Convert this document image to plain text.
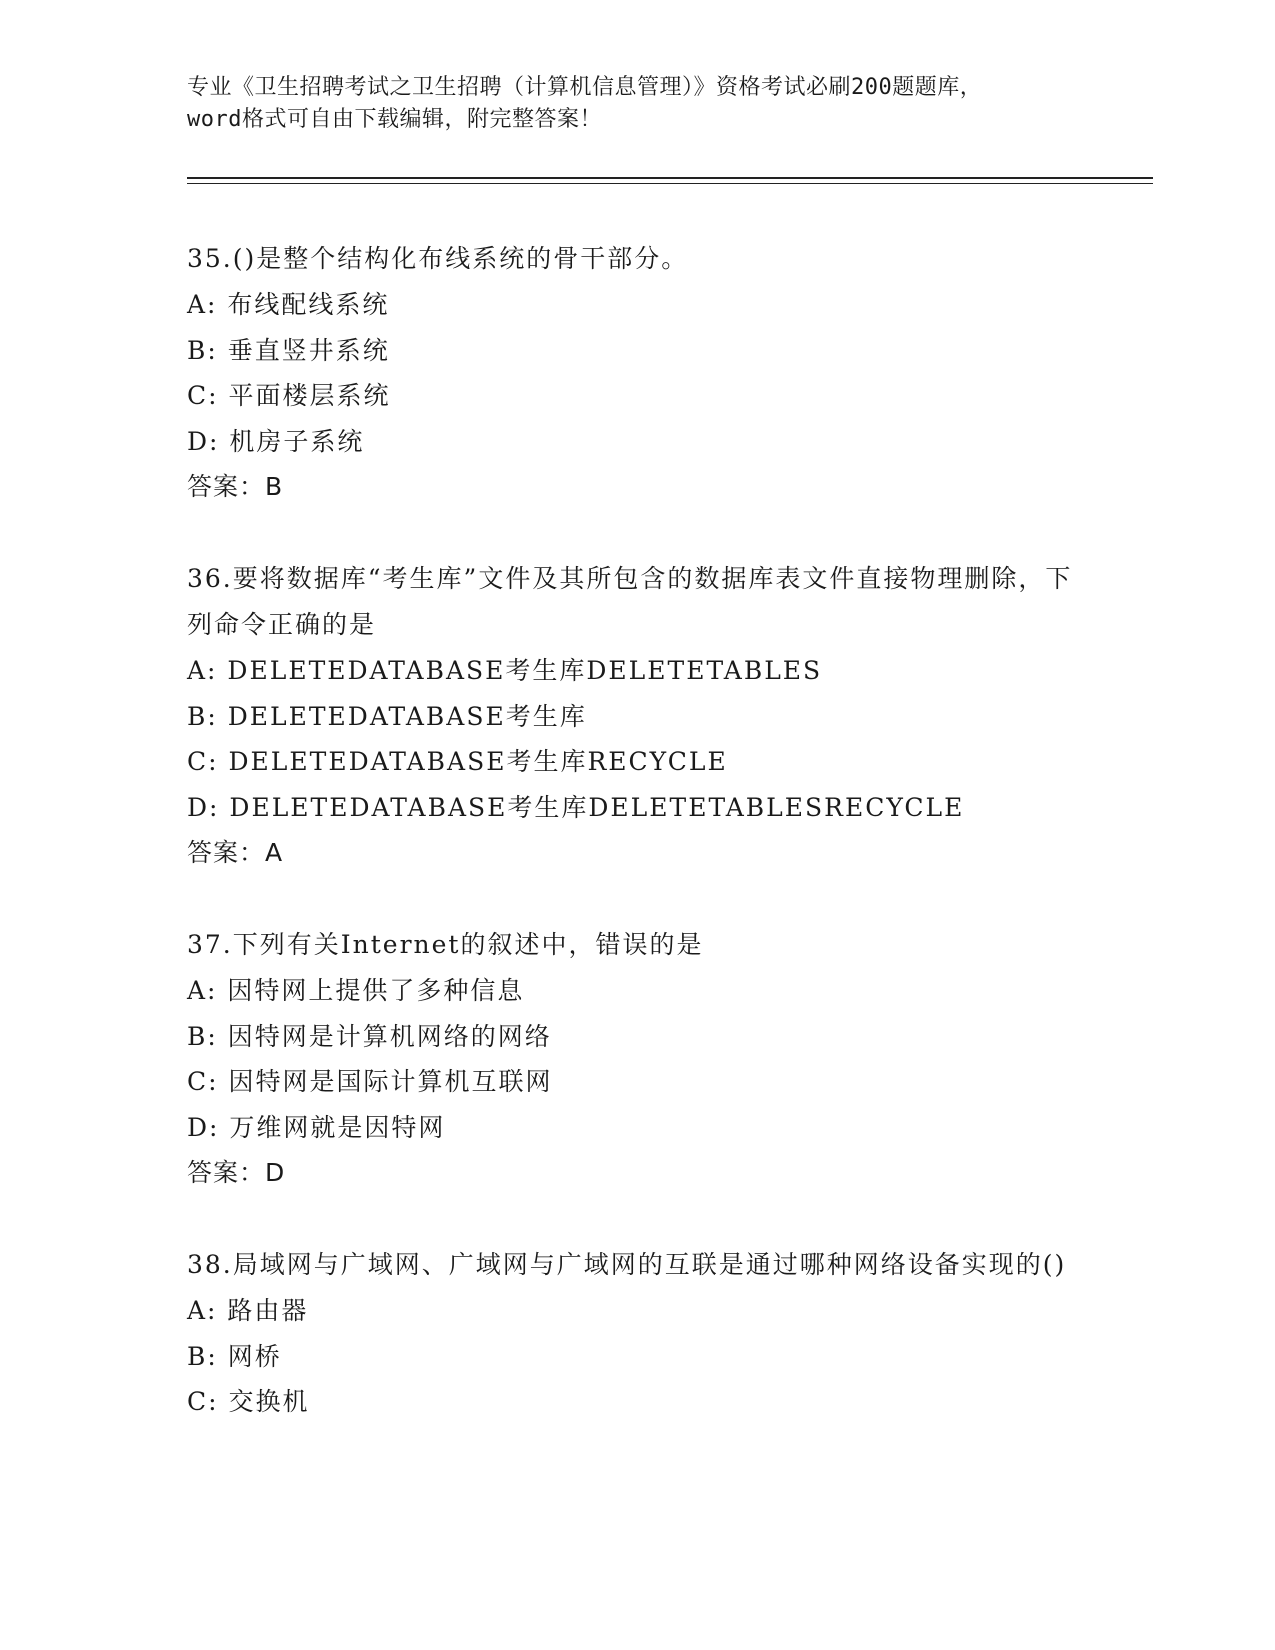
专业《卫生招聘考试之卫生招聘（计算机信息管理）》资格考试必刷200题题库，
word格式可自由下载编辑，附完整答案！
35.()是整个结构化布线系统的骨干部分。
A: 布线配线系统
B: 垂直竖井系统
C: 平面楼层系统
D: 机房子系统
答案：B
36.要将数据库“考生库”文件及其所包含的数据库表文件直接物理删除，下列命令正确的是
A: DELETEDATABASE考生库DELETETABLES
B: DELETEDATABASE考生库
C: DELETEDATABASE考生库RECYCLE
D: DELETEDATABASE考生库DELETETABLESRECYCLE
答案：A
37.下列有关Internet的叙述中，错误的是
A: 因特网上提供了多种信息
B: 因特网是计算机网络的网络
C: 因特网是国际计算机互联网
D: 万维网就是因特网
答案：D
38.局域网与广域网、广域网与广域网的互联是通过哪种网络设备实现的()
A: 路由器
B: 网桥
C: 交换机
